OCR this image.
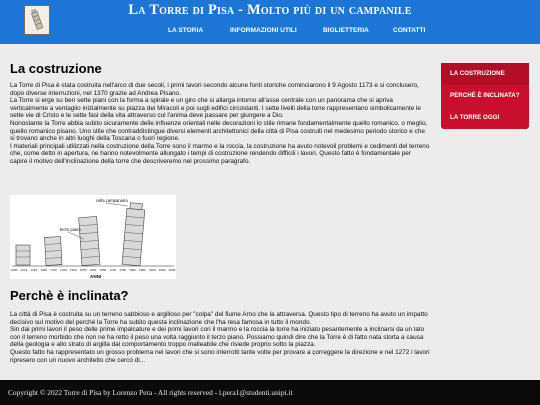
La Torre di Pisa - Molto più di un campanile
LA STORIA	INFORMAZIONI UTILI	BIGLIETTERIA	CONTATTI
LA COSTRUZIONE
PERCHÈ È INCLINATA?
LA TORRE OGGI
La costruzione

La Torre di Pisa è stata costruita nell'arco di due secoli, i primi lavori secondo alcune fonti storiche cominciarono il 9 Agosto 1173 e si conclusero, dopo diverse interruzioni, nel 1370 grazie ad Andrea Pisano.

La Torre si erge su ben sette piani con la forma a spirale e un giro che si allarga intorno all'asse centrale con un panorama che si apriva verticalmente a ventaglio inizialmente su piazza dei Miracoli e poi sugli edifici circostanti. I sette livelli della torre rappresentano simbolicamente le sette vie di Cristo e le sette fasi della vita attraverso cui l'anima deve passare per giungere a Dio.

Nonostante la Torre abbia subito sicuramente delle influenze orientali nelle decorazioni lo stile rimane fondamentalmente quello romanico, o meglio, quello romanico pisano. Uno stile che contraddistingue diversi elementi architettonici della città di Pisa costruiti nel medesimo periodo storico e che si trovano anche in altri luoghi della Toscana o fuori regione.

I materiali principali utilizzati nella costruzione della Torre sono il marmo e la roccia, la costruzione ha avuto notevoli problemi e cedimenti del terreno che, come detto in apertura, ne hanno notevolmente allungato i tempi di costruzione rendendo difficili i lavori. Questo fatto è fondamentale per capire il motivo dell'inclinazione della torre che descriveremo nel prossimo paragrafo.

cella campanaria
terzo piano
1200 1272 1319 1350 1372 1450 1500 1550 1600 1650 1700 1750 1800 1850 1900 1950 2000
ANNI
Perchè è inclinata?

La città di Pisa è costruita su un terreno sabbioso e argilloso per "colpa" del fiume Arno che la attraversa. Questo tipo di terreno ha avuto un impatto decisivo sul motivo del perché la Torre ha subito questa inclinazione che l'ha resa famosa in tutto il mondo.

Sin dai primi lavori il peso delle prime impalcature e dei primi lavori con il marmo e la roccia la torre ha iniziato pesantemente a inclinarsi da un lato con il terreno morbido che non ne ha retto il peso una volta raggiunto il terzo piano. Possiamo quindi dire che la Torre è di fatto nata storta a causa della geologia e allo strato di argilla dal comportamento troppo malleabile che risiede proprio sotto la piazza.

Questo fatto ha rappresentato un grosso problema nei lavori che si sono interrotti tante volte per provare a correggere la direzione e nel 1272 i lavori ripresero con un nuovo architetto che cercò di...

Copyright © 2022 Torre di Pisa by Lorenzo Pera - All rights reserved - l.pera1@studenti.unipi.it
